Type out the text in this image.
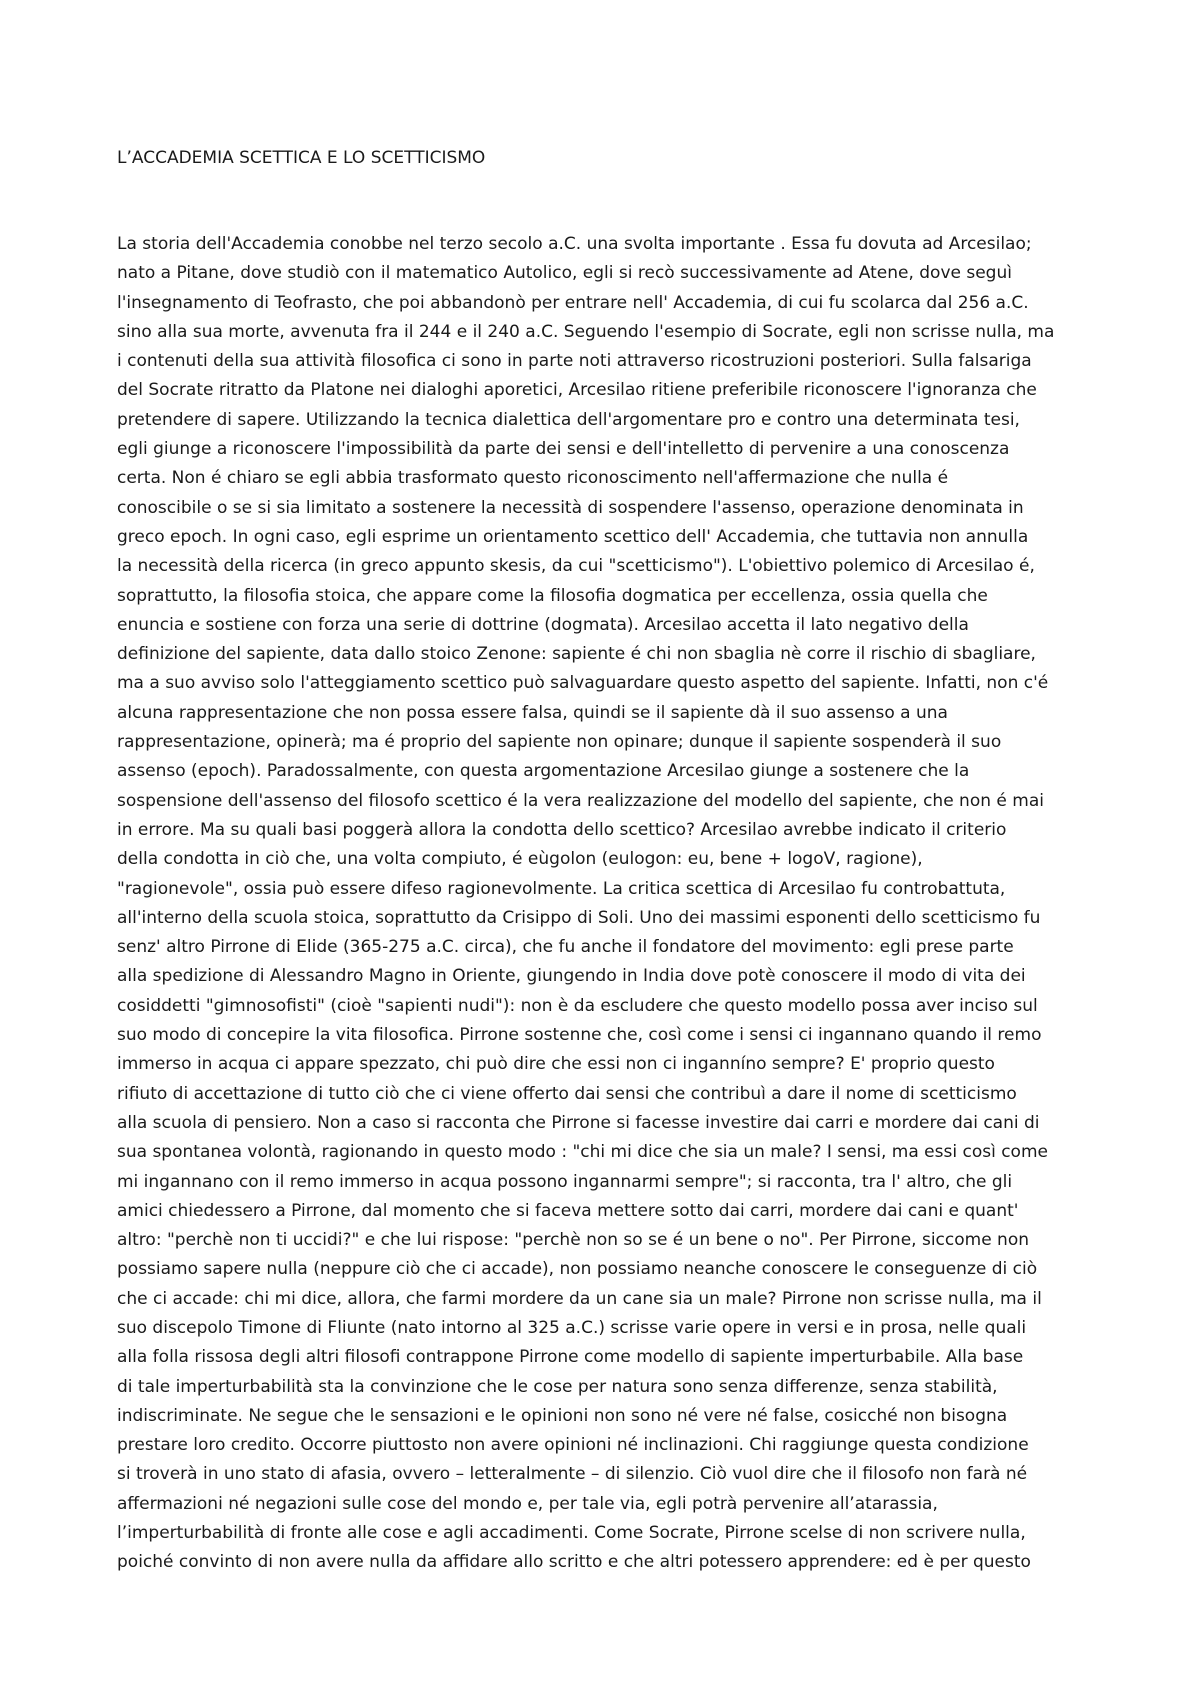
L’ACCADEMIA SCETTICA E LO SCETTICISMO
La storia dell'Accademia conobbe nel terzo secolo a.C. una svolta importante . Essa fu dovuta ad Arcesilao;
nato a Pitane, dove studiò con il matematico Autolico, egli si recò successivamente ad Atene, dove seguì
l'insegnamento di Teofrasto, che poi abbandonò per entrare nell' Accademia, di cui fu scolarca dal 256 a.C.
sino alla sua morte, avvenuta fra il 244 e il 240 a.C. Seguendo l'esempio di Socrate, egli non scrisse nulla, ma
i contenuti della sua attività filosofica ci sono in parte noti attraverso ricostruzioni posteriori. Sulla falsariga
del Socrate ritratto da Platone nei dialoghi aporetici, Arcesilao ritiene preferibile riconoscere l'ignoranza che
pretendere di sapere. Utilizzando la tecnica dialettica dell'argomentare pro e contro una determinata tesi,
egli giunge a riconoscere l'impossibilità da parte dei sensi e dell'intelletto di pervenire a una conoscenza
certa. Non é chiaro se egli abbia trasformato questo riconoscimento nell'affermazione che nulla é
conoscibile o se si sia limitato a sostenere la necessità di sospendere l'assenso, operazione denominata in
greco epoch. In ogni caso, egli esprime un orientamento scettico dell' Accademia, che tuttavia non annulla
la necessità della ricerca (in greco appunto skesis, da cui "scetticismo"). L'obiettivo polemico di Arcesilao é,
soprattutto, la filosofia stoica, che appare come la filosofia dogmatica per eccellenza, ossia quella che
enuncia e sostiene con forza una serie di dottrine (dogmata). Arcesilao accetta il lato negativo della
definizione del sapiente, data dallo stoico Zenone: sapiente é chi non sbaglia nè corre il rischio di sbagliare,
ma a suo avviso solo l'atteggiamento scettico può salvaguardare questo aspetto del sapiente. Infatti, non c'é
alcuna rappresentazione che non possa essere falsa, quindi se il sapiente dà il suo assenso a una
rappresentazione, opinerà; ma é proprio del sapiente non opinare; dunque il sapiente sospenderà il suo
assenso (epoch). Paradossalmente, con questa argomentazione Arcesilao giunge a sostenere che la
sospensione dell'assenso del filosofo scettico é la vera realizzazione del modello del sapiente, che non é mai
in errore. Ma su quali basi poggerà allora la condotta dello scettico? Arcesilao avrebbe indicato il criterio
della condotta in ciò che, una volta compiuto, é eùgolon (eulogon: eu, bene + logoV, ragione),
"ragionevole", ossia può essere difeso ragionevolmente. La critica scettica di Arcesilao fu controbattuta,
all'interno della scuola stoica, soprattutto da Crisippo di Soli. Uno dei massimi esponenti dello scetticismo fu
senz' altro Pirrone di Elide (365-275 a.C. circa), che fu anche il fondatore del movimento: egli prese parte
alla spedizione di Alessandro Magno in Oriente, giungendo in India dove potè conoscere il modo di vita dei
cosiddetti "gimnosofisti" (cioè "sapienti nudi"): non è da escludere che questo modello possa aver inciso sul
suo modo di concepire la vita filosofica. Pirrone sostenne che, così come i sensi ci ingannano quando il remo
immerso in acqua ci appare spezzato, chi può dire che essi non ci inganníno sempre? E' proprio questo
rifiuto di accettazione di tutto ciò che ci viene offerto dai sensi che contribuì a dare il nome di scetticismo
alla scuola di pensiero. Non a caso si racconta che Pirrone si facesse investire dai carri e mordere dai cani di
sua spontanea volontà, ragionando in questo modo : "chi mi dice che sia un male? I sensi, ma essi così come
mi ingannano con il remo immerso in acqua possono ingannarmi sempre"; si racconta, tra l' altro, che gli
amici chiedessero a Pirrone, dal momento che si faceva mettere sotto dai carri, mordere dai cani e quant'
altro: "perchè non ti uccidi?" e che lui rispose: "perchè non so se é un bene o no". Per Pirrone, siccome non
possiamo sapere nulla (neppure ciò che ci accade), non possiamo neanche conoscere le conseguenze di ciò
che ci accade: chi mi dice, allora, che farmi mordere da un cane sia un male? Pirrone non scrisse nulla, ma il
suo discepolo Timone di Fliunte (nato intorno al 325 a.C.) scrisse varie opere in versi e in prosa, nelle quali
alla folla rissosa degli altri filosofi contrappone Pirrone come modello di sapiente imperturbabile. Alla base
di tale imperturbabilità sta la convinzione che le cose per natura sono senza differenze, senza stabilità,
indiscriminate. Ne segue che le sensazioni e le opinioni non sono né vere né false, cosicché non bisogna
prestare loro credito. Occorre piuttosto non avere opinioni né inclinazioni. Chi raggiunge questa condizione
si troverà in uno stato di afasia, ovvero – letteralmente – di silenzio. Ciò vuol dire che il filosofo non farà né
affermazioni né negazioni sulle cose del mondo e, per tale via, egli potrà pervenire all’atarassia,
l’imperturbabilità di fronte alle cose e agli accadimenti. Come Socrate, Pirrone scelse di non scrivere nulla,
poiché convinto di non avere nulla da affidare allo scritto e che altri potessero apprendere: ed è per questo
